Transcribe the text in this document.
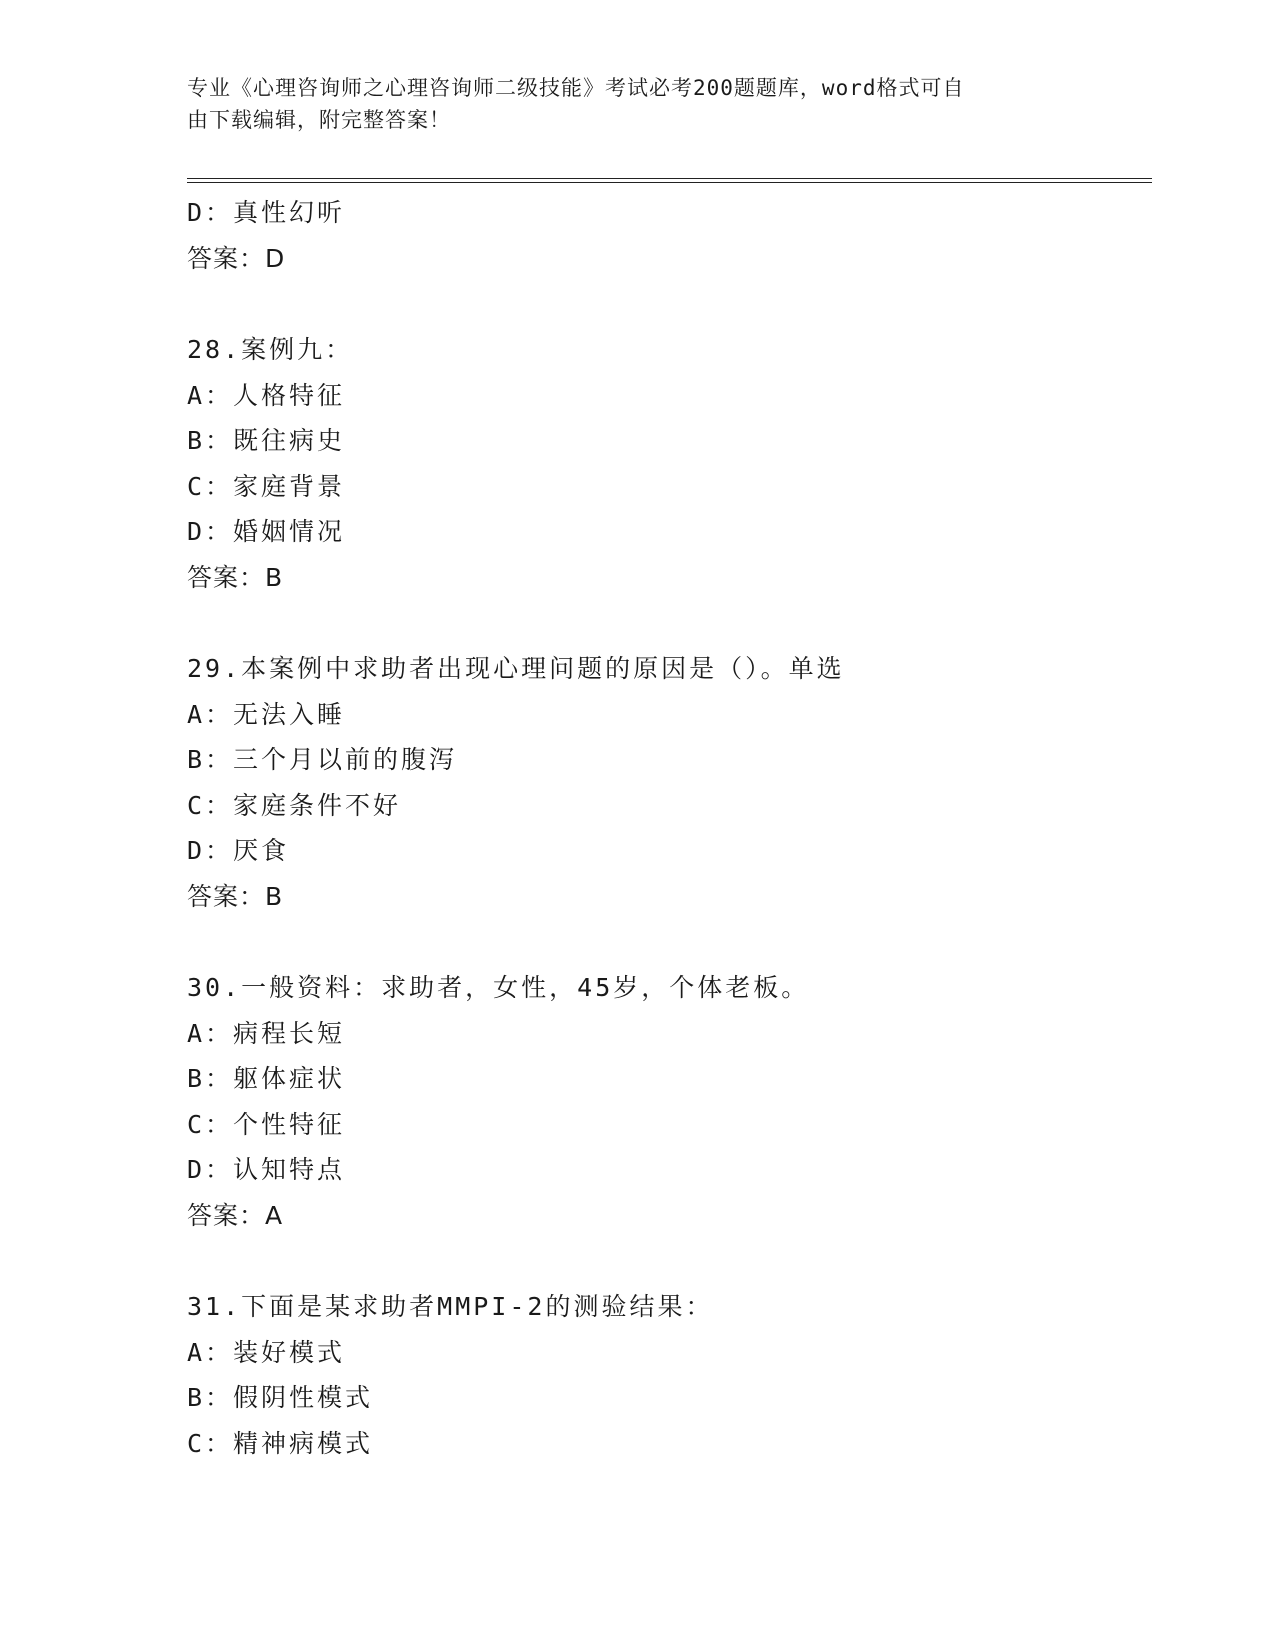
专业《心理咨询师之心理咨询师二级技能》考试必考200题题库，word格式可自
由下载编辑，附完整答案！
D：真性幻听
答案：D
28.案例九：
A：人格特征
B：既往病史
C：家庭背景
D：婚姻情况
答案：B
29.本案例中求助者出现心理问题的原因是（）。单选
A：无法入睡
B：三个月以前的腹泻
C：家庭条件不好
D：厌食
答案：B
30.一般资料：求助者，女性，45岁，个体老板。
A：病程长短
B：躯体症状
C：个性特征
D：认知特点
答案：A
31.下面是某求助者MMPI-2的测验结果：
A：装好模式
B：假阴性模式
C：精神病模式
